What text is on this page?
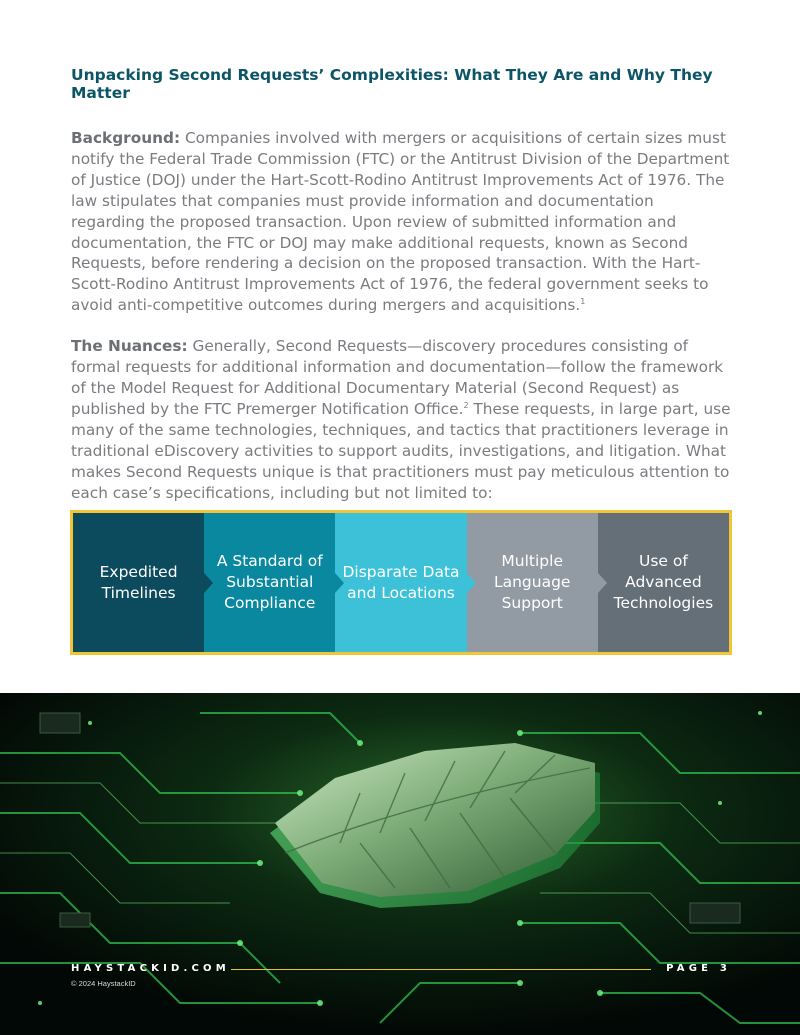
Unpacking Second Requests’ Complexities: What They Are and Why They Matter

Background: Companies involved with mergers or acquisitions of certain sizes must notify the Federal Trade Commission (FTC) or the Antitrust Division of the Department of Justice (DOJ) under the Hart-Scott-Rodino Antitrust Improvements Act of 1976. The law stipulates that companies must provide information and documentation regarding the proposed transaction. Upon review of submitted information and documentation, the FTC or DOJ may make additional requests, known as Second Requests, before rendering a decision on the proposed transaction. With the Hart-Scott-Rodino Antitrust Improvements Act of 1976, the federal government seeks to avoid anti-competitive outcomes during mergers and acquisitions.$^1$

The Nuances: Generally, Second Requests—discovery procedures consisting of formal requests for additional information and documentation—follow the framework of the Model Request for Additional Documentary Material (Second Request) as published by the FTC Premerger Notification Office.$^2$ These requests, in large part, use many of the same technologies, techniques, and tactics that practitioners leverage in traditional eDiscovery activities to support audits, investigations, and litigation. What makes Second Requests unique is that practitioners must pay meticulous attention to each case’s specifications, including but not limited to:

Expedited Timelines
A Standard of Substantial Compliance
Disparate Data and Locations
Multiple Language Support
Use of Advanced Technologies
HAYSTACKID.COM	PAGE 3
© 2024 HaystackID
